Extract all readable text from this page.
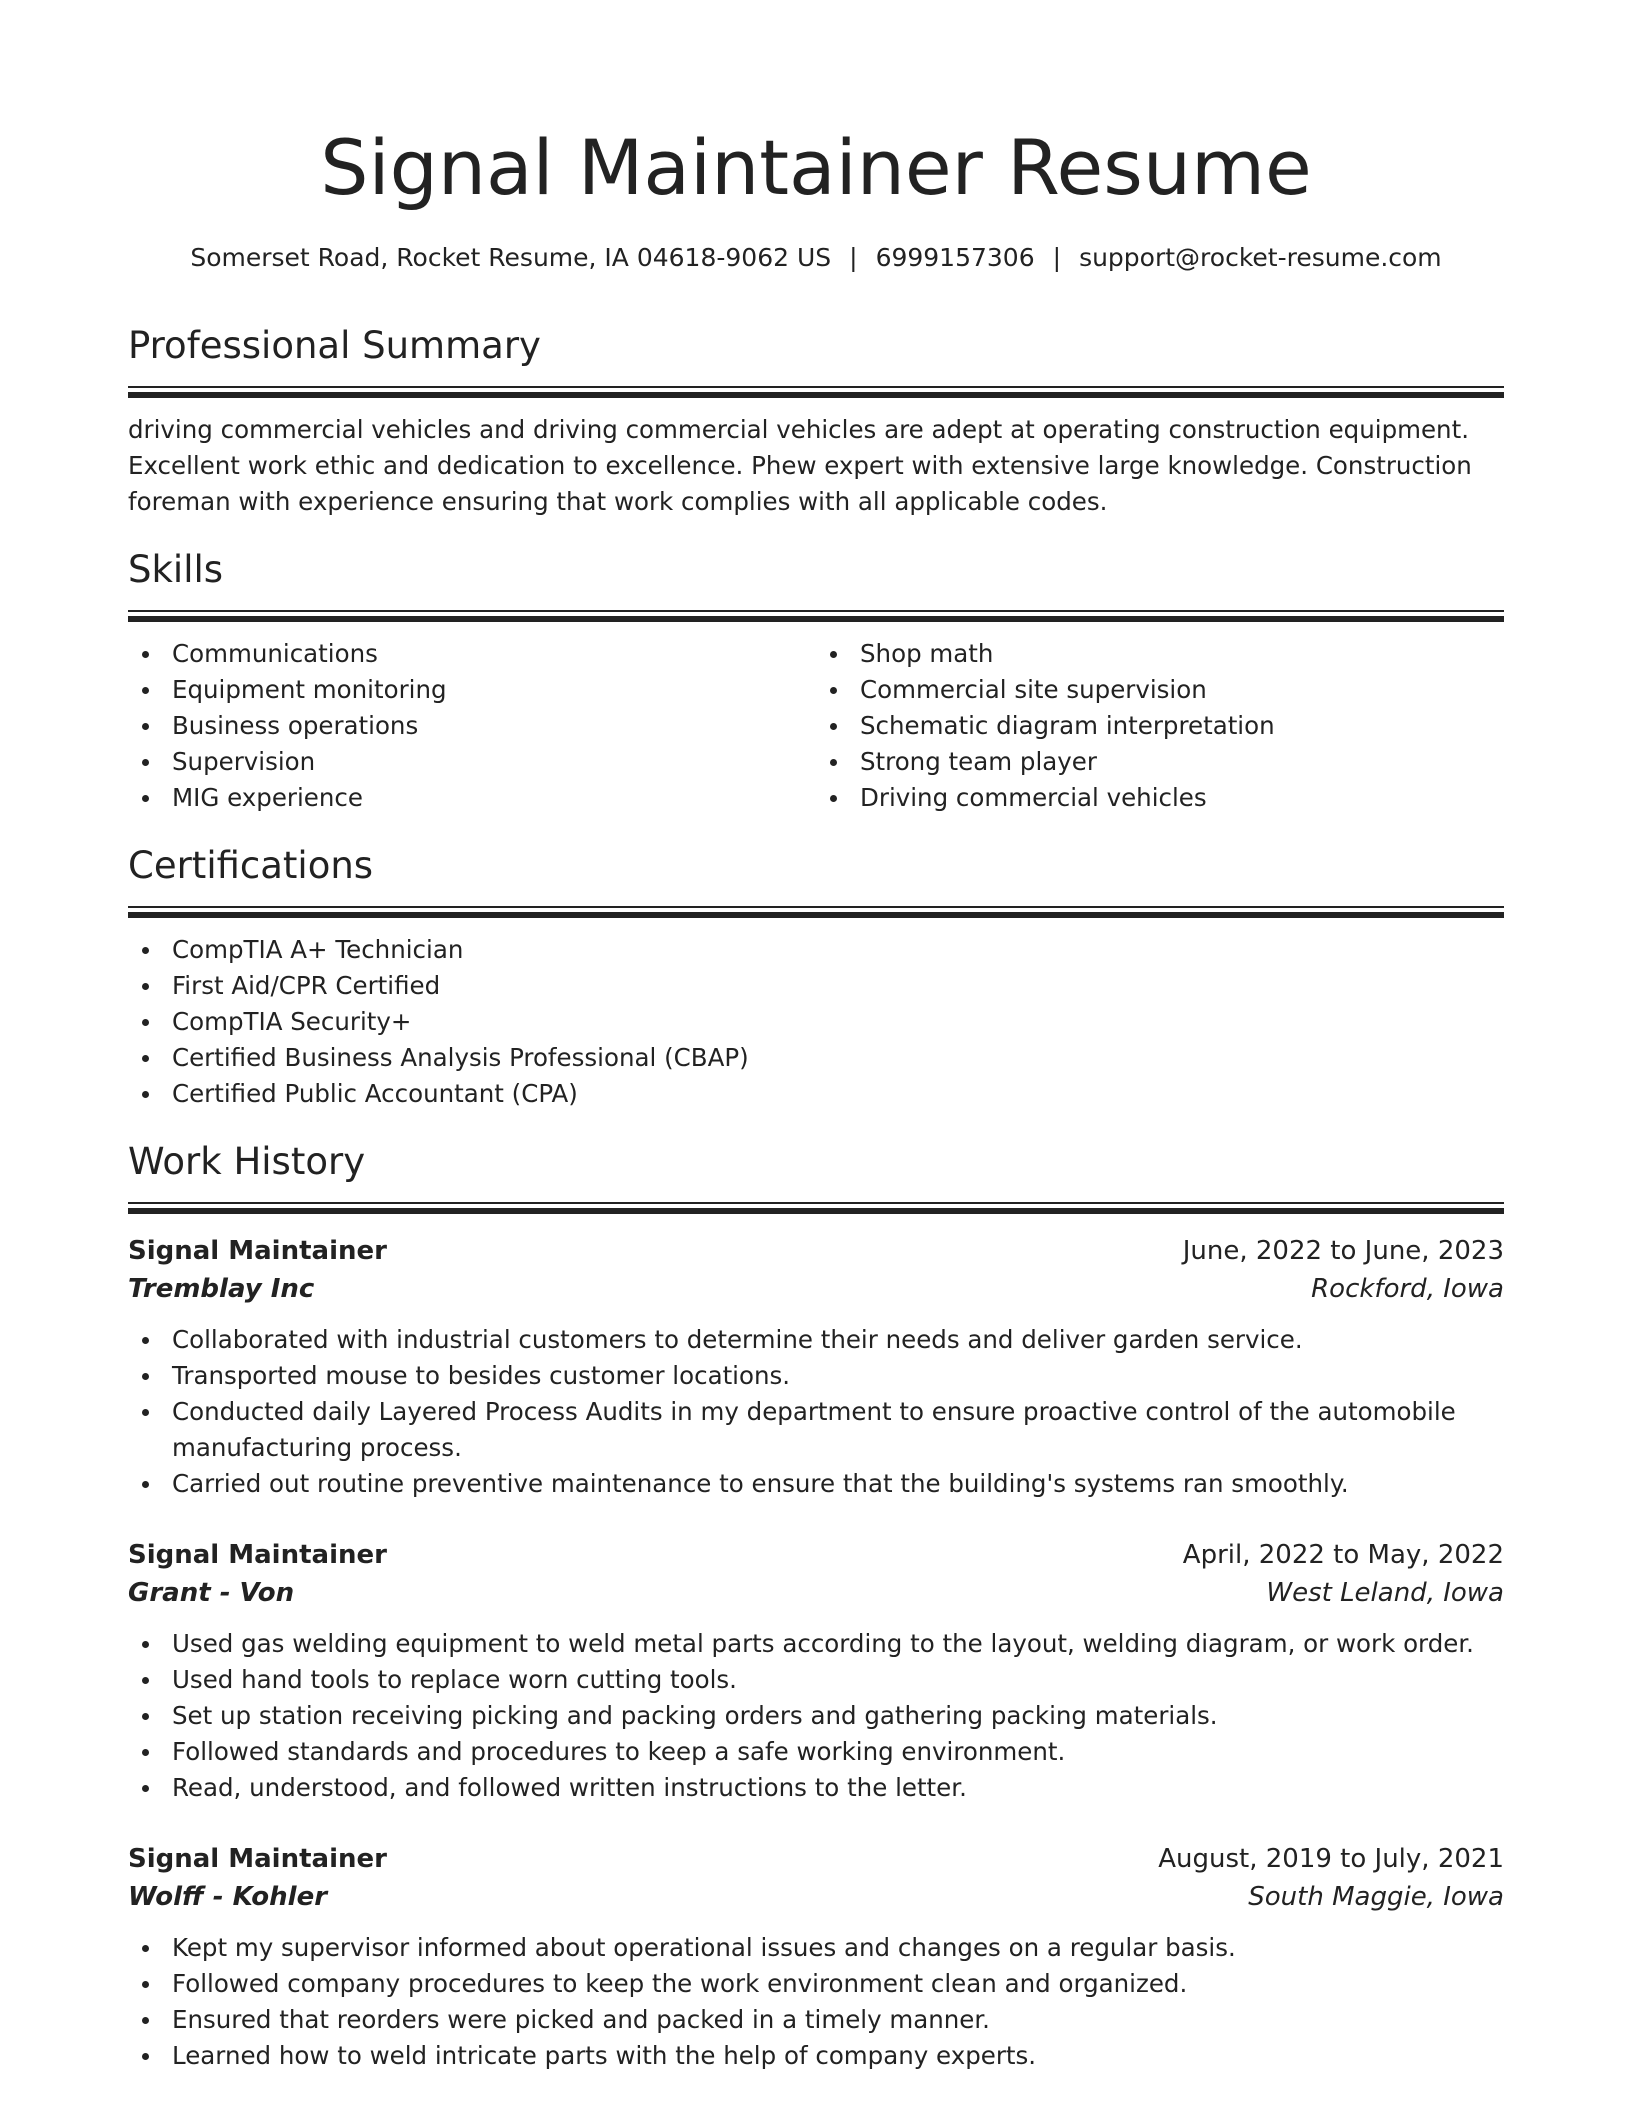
Signal Maintainer Resume
Somerset Road, Rocket Resume, IA 04618-9062 US | 6999157306 | support@rocket-resume.com
Professional Summary

driving commercial vehicles and driving commercial vehicles are adept at operating construction equipment. Excellent work ethic and dedication to excellence. Phew expert with extensive large knowledge. Construction foreman with experience ensuring that work complies with all applicable codes.

Skills
Communications
Equipment monitoring
Business operations
Supervision
MIG experience
Shop math
Commercial site supervision
Schematic diagram interpretation
Strong team player
Driving commercial vehicles
Certifications
CompTIA A+ Technician
First Aid/CPR Certified
CompTIA Security+
Certified Business Analysis Professional (CBAP)
Certified Public Accountant (CPA)
Work History
Signal Maintainer	June, 2022 to June, 2023
Tremblay Inc	Rockford, Iowa
Collaborated with industrial customers to determine their needs and deliver garden service.
Transported mouse to besides customer locations.
Conducted daily Layered Process Audits in my department to ensure proactive control of the automobile manufacturing process.
Carried out routine preventive maintenance to ensure that the building's systems ran smoothly.
Signal Maintainer	April, 2022 to May, 2022
Grant - Von	West Leland, Iowa
Used gas welding equipment to weld metal parts according to the layout, welding diagram, or work order.
Used hand tools to replace worn cutting tools.
Set up station receiving picking and packing orders and gathering packing materials.
Followed standards and procedures to keep a safe working environment.
Read, understood, and followed written instructions to the letter.
Signal Maintainer	August, 2019 to July, 2021
Wolff - Kohler	South Maggie, Iowa
Kept my supervisor informed about operational issues and changes on a regular basis.
Followed company procedures to keep the work environment clean and organized.
Ensured that reorders were picked and packed in a timely manner.
Learned how to weld intricate parts with the help of company experts.
